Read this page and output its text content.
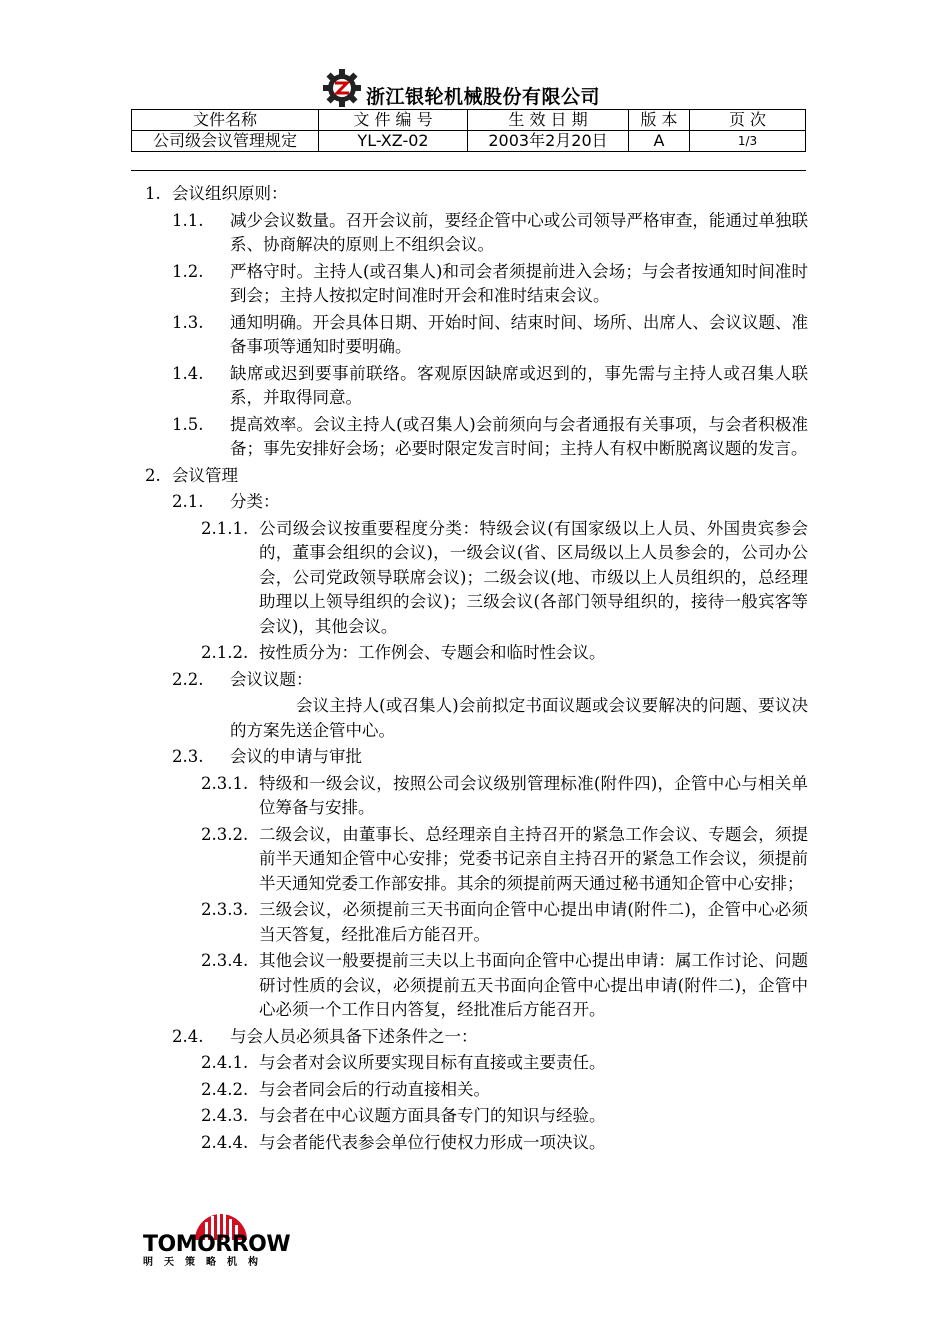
浙江银轮机械股份有限公司
文件名称	文 件 编 号	生 效 日 期	版 本	页 次
公司级会议管理规定	YL-XZ-02	2003年2月20日	A	1/3
1. 会议组织原则：
1.1. 减少会议数量。召开会议前，要经企管中心或公司领导严格审查，能通过单独联系、协商解决的原则上不组织会议。
1.2. 严格守时。主持人(或召集人)和司会者须提前进入会场；与会者按通知时间准时到会；主持人按拟定时间准时开会和准时结束会议。
1.3. 通知明确。开会具体日期、开始时间、结束时间、场所、出席人、会议议题、准备事项等通知时要明确。
1.4. 缺席或迟到要事前联络。客观原因缺席或迟到的，事先需与主持人或召集人联系，并取得同意。
1.5. 提高效率。会议主持人(或召集人)会前须向与会者通报有关事项，与会者积极准备；事先安排好会场；必要时限定发言时间；主持人有权中断脱离议题的发言。
2. 会议管理
2.1. 分类：
2.1.1. 公司级会议按重要程度分类：特级会议(有国家级以上人员、外国贵宾参会的，董事会组织的会议)，一级会议(省、区局级以上人员参会的，公司办公会，公司党政领导联席会议)；二级会议(地、市级以上人员组织的，总经理助理以上领导组织的会议)；三级会议(各部门领导组织的，接待一般宾客等会议)，其他会议。
2.1.2. 按性质分为：工作例会、专题会和临时性会议。
2.2. 会议议题：
会议主持人(或召集人)会前拟定书面议题或会议要解决的问题、要议决的方案先送企管中心。
2.3. 会议的申请与审批
2.3.1. 特级和一级会议，按照公司会议级别管理标准(附件四)，企管中心与相关单位筹备与安排。
2.3.2. 二级会议，由董事长、总经理亲自主持召开的紧急工作会议、专题会，须提前半天通知企管中心安排；党委书记亲自主持召开的紧急工作会议，须提前半天通知党委工作部安排。其余的须提前两天通过秘书通知企管中心安排；
2.3.3. 三级会议，必须提前三天书面向企管中心提出申请(附件二)，企管中心必须当天答复，经批准后方能召开。
2.3.4. 其他会议一般要提前三夫以上书面向企管中心提出申请：属工作讨论、问题研讨性质的会议，必须提前五天书面向企管中心提出申请(附件二)，企管中心必须一个工作日内答复，经批准后方能召开。
2.4. 与会人员必须具备下述条件之一：
2.4.1. 与会者对会议所要实现目标有直接或主要责任。
2.4.2. 与会者同会后的行动直接相关。
2.4.3. 与会者在中心议题方面具备专门的知识与经验。
2.4.4. 与会者能代表参会单位行使权力形成一项决议。
TOMORROW
明天策略机构
